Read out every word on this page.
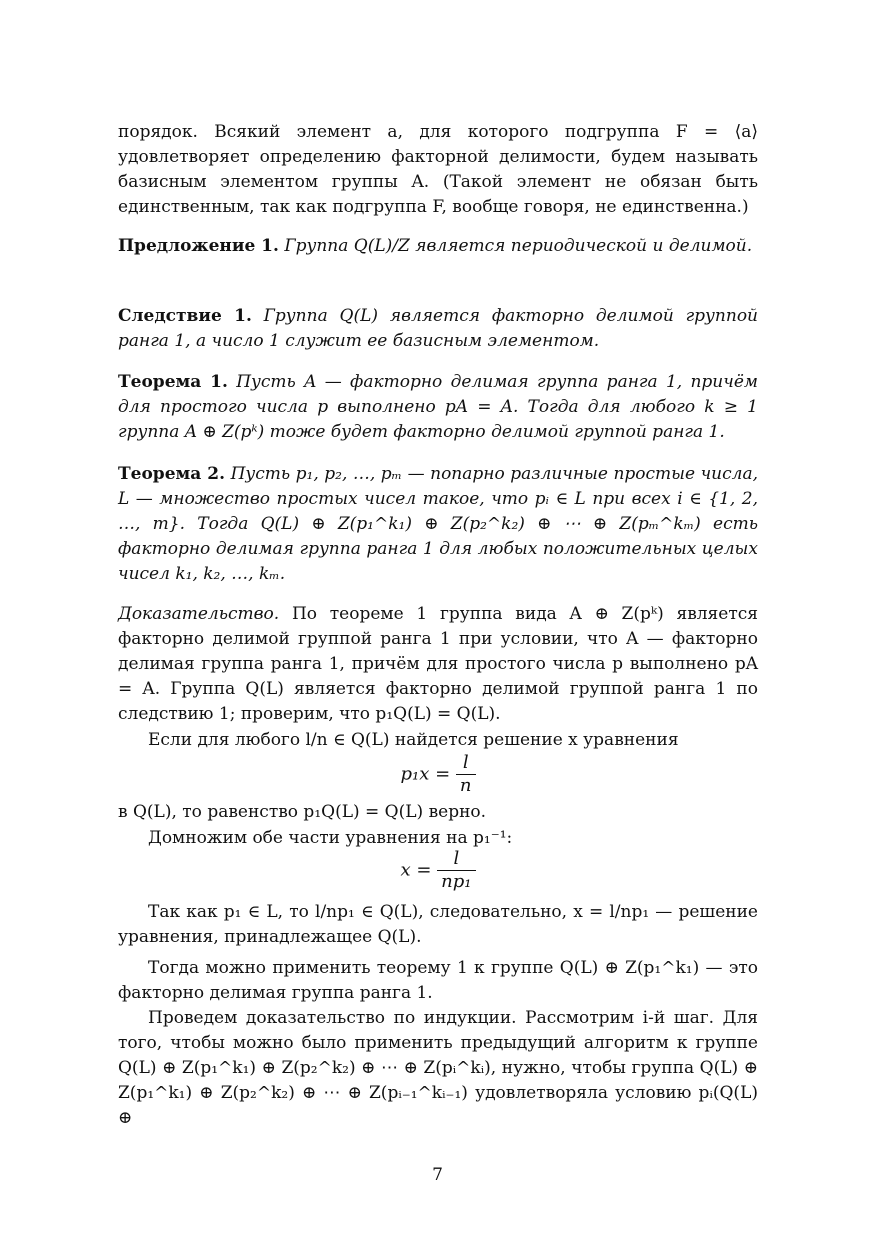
порядок. Всякий элемент a, для которого подгруппа F = ⟨a⟩ удовлетворяет определению факторной делимости, будем называть базисным элементом группы A. (Такой элемент не обязан быть единственным, так как подгруппа F, вообще говоря, не единственна.)
Предложение 1. Группа Q(L)/Z является периодической и делимой.
Следствие 1. Группа Q(L) является факторно делимой группой ранга 1, а число 1 служит ее базисным элементом.
Теорема 1. Пусть A — факторно делимая группа ранга 1, причём для простого числа p выполнено pA = A. Тогда для любого k ≥ 1 группа A ⊕ Z(pᵏ) тоже будет факторно делимой группой ранга 1.
Теорема 2. Пусть p₁, p₂, …, pₘ — попарно различные простые числа, L — множество простых чисел такое, что pᵢ ∈ L при всех i ∈ {1, 2, …, m}. Тогда Q(L) ⊕ Z(p₁^k₁) ⊕ Z(p₂^k₂) ⊕ ⋯ ⊕ Z(pₘ^kₘ) есть факторно делимая группа ранга 1 для любых положительных целых чисел k₁, k₂, …, kₘ.
Доказательство. По теореме 1 группа вида A ⊕ Z(pᵏ) является факторно делимой группой ранга 1 при условии, что A — факторно делимая группа ранга 1, причём для простого числа p выполнено pA = A. Группа Q(L) является факторно делимой группой ранга 1 по следствию 1; проверим, что p₁Q(L) = Q(L).
Если для любого l/n ∈ Q(L) найдется решение x уравнения
$p_1x = \frac{l}{n}$
в Q(L), то равенство p₁Q(L) = Q(L) верно.
Домножим обе части уравнения на p₁⁻¹:
$x = \frac{l}{\text{np₁}}$
Так как p₁ ∈ L, то l/np₁ ∈ Q(L), следовательно, x = l/np₁ — решение уравнения, принадлежащее Q(L).
Тогда можно применить теорему 1 к группе Q(L) ⊕ Z(p₁^k₁) — это факторно делимая группа ранга 1.
Проведем доказательство по индукции. Рассмотрим i-й шаг. Для того, чтобы можно было применить предыдущий алгоритм к группе Q(L) ⊕ Z(p₁^k₁) ⊕ Z(p₂^k₂) ⊕ ⋯ ⊕ Z(pᵢ^kᵢ), нужно, чтобы группа Q(L) ⊕ Z(p₁^k₁) ⊕ Z(p₂^k₂) ⊕ ⋯ ⊕ Z(pᵢ₋₁^kᵢ₋₁) удовлетворяла условию pᵢ(Q(L) ⊕
7
